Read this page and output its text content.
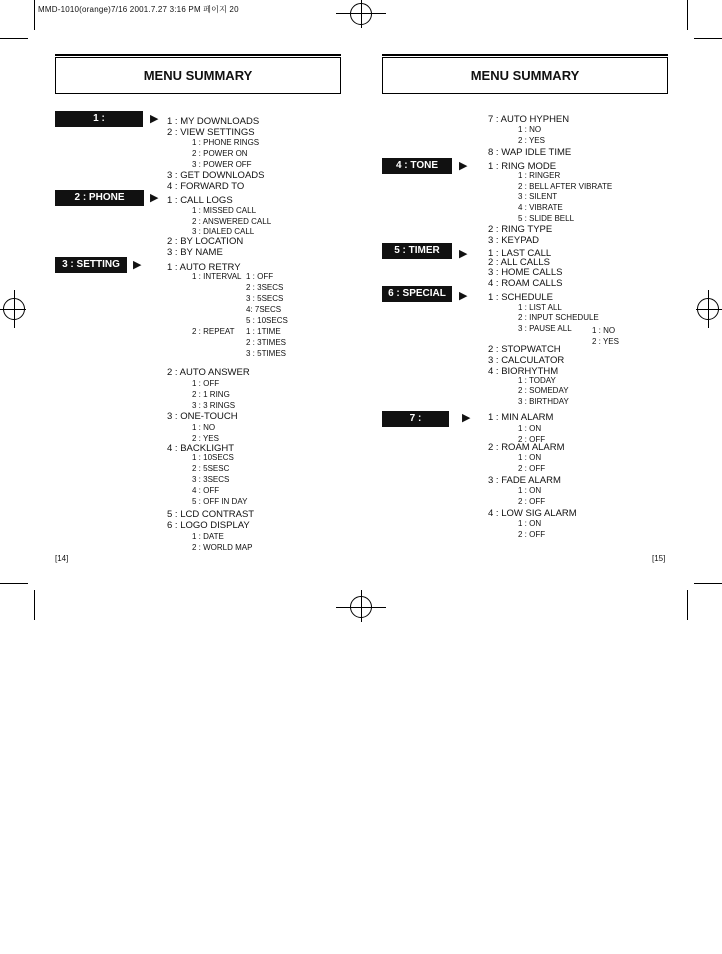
MMD-1010(orange)7/16 2001.7.27 3:16 PM 페이지 20
MENU SUMMARY
1 : DOWNLOADS
▶ 1 : MY DOWNLOADS
2 : VIEW SETTINGS
1 : PHONE RINGS
2 : POWER ON
3 : POWER OFF
3 : GET DOWNLOADS
4 : FORWARD TO
2 : PHONE BOOK
▶ 1 : CALL LOGS
1 : MISSED CALL
2 : ANSWERED CALL
3 : DIALED CALL
2 : BY LOCATION
3 : BY NAME
3 : SETTING	▶	1 : AUTO RETRY
1 : INTERVAL 1 : OFF
2 : 3SECS
3 : 5SECS
4: 7SECS
5 : 10SECS
2 : REPEAT 1 : 1TIME
2 : 3TIMES
3 : 5TIMES
2 : AUTO ANSWER
1 : OFF
2 : 1 RING
3 : 3 RINGS
3 : ONE-TOUCH
1 : NO
2 : YES
4 : BACKLIGHT
1 : 10SECS
2 : 5SESC
3 : 3SECS
4 : OFF
5 : OFF IN DAY
5 : LCD CONTRAST
6 : LOGO DISPLAY
1 : DATE
2 : WORLD MAP
[14]
MENU SUMMARY
7 : AUTO HYPHEN
1 : NO
2 : YES
8 : WAP IDLE TIME
4 : TONE	▶ 1 : RING MODE
1 : RINGER
2 : BELL AFTER VIBRATE
3 : SILENT
4 : VIBRATE
5 : SLIDE BELL
2 : RING TYPE
3 : KEYPAD
5 : TIMER	▶ 1 : LAST CALL
2 : ALL CALLS
3 : HOME CALLS
4 : ROAM CALLS
6 : SPECIAL	▶ 1 : SCHEDULE
1 : LIST ALL
2 : INPUT SCHEDULE
3 : PAUSE ALL	1 : NO
2 : YES
2 : STOPWATCH
3 : CALCULATOR
4 : BIORHYTHM
1 : TODAY
2 : SOMEDAY
3 : BIRTHDAY
7 : ALARMS
▶ 1 : MIN ALARM
1 : ON
2 : OFF
2 : ROAM ALARM
1 : ON
2 : OFF
3 : FADE ALARM
1 : ON
2 : OFF
4 : LOW SIG ALARM
1 : ON
2 : OFF
[15]
